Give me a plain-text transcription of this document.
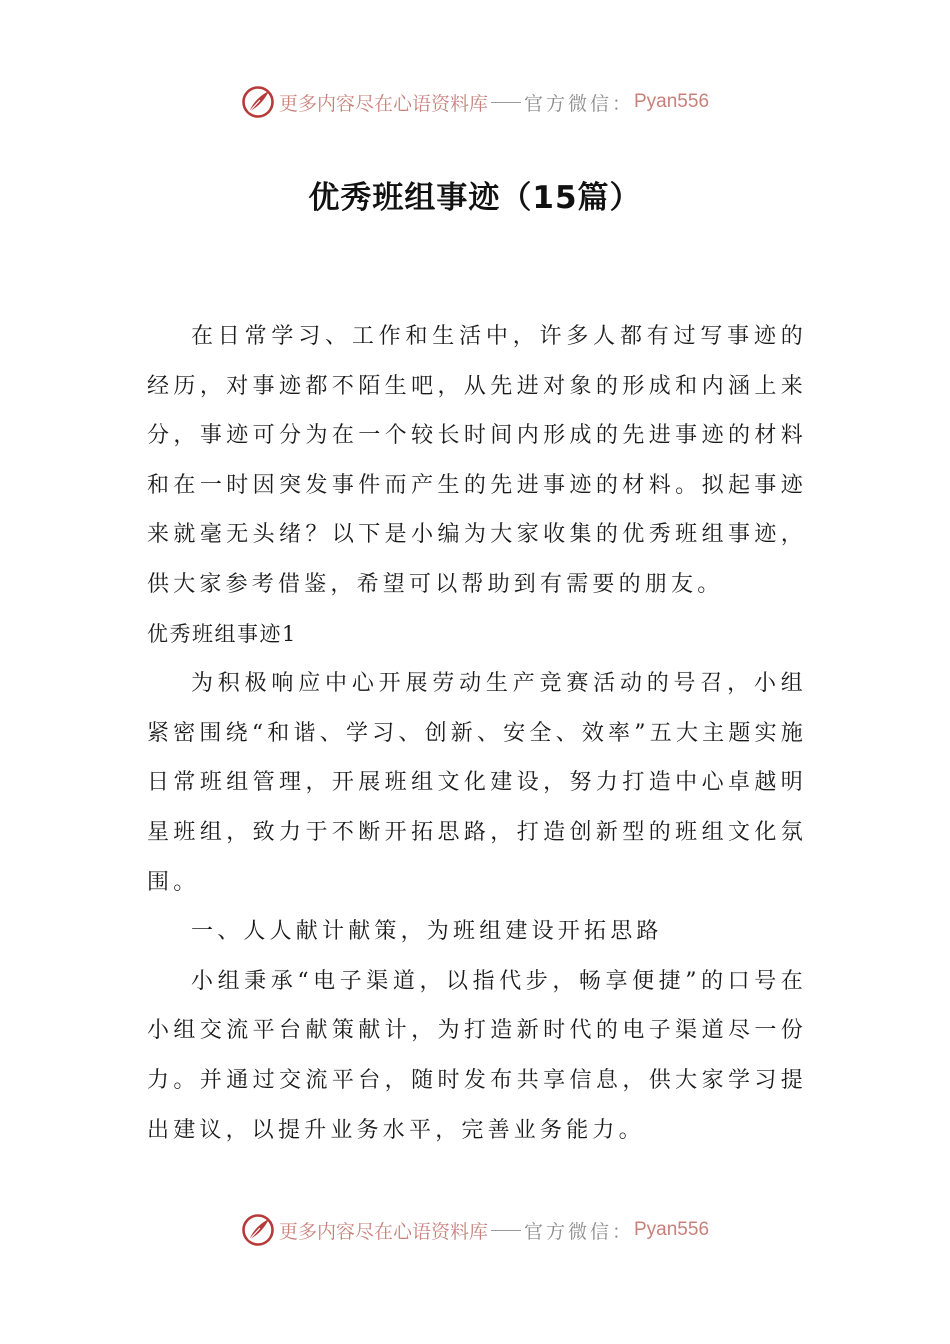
更多内容尽在心语资料库 官方微信： Pyan556
优秀班组事迹（15篇）

在日常学习、工作和生活中，许多人都有过写事迹的经历，对事迹都不陌生吧，从先进对象的形成和内涵上来分，事迹可分为在一个较长时间内形成的先进事迹的材料和在一时因突发事件而产生的先进事迹的材料。拟起事迹来就毫无头绪？以下是小编为大家收集的优秀班组事迹，供大家参考借鉴，希望可以帮助到有需要的朋友。

优秀班组事迹1

为积极响应中心开展劳动生产竞赛活动的号召，小组紧密围绕“和谐、学习、创新、安全、效率”五大主题实施日常班组管理，开展班组文化建设，努力打造中心卓越明星班组，致力于不断开拓思路，打造创新型的班组文化氛围。

一、人人献计献策，为班组建设开拓思路

小组秉承“电子渠道，以指代步，畅享便捷”的口号在小组交流平台献策献计，为打造新时代的电子渠道尽一份力。并通过交流平台，随时发布共享信息，供大家学习提出建议，以提升业务水平，完善业务能力。

更多内容尽在心语资料库 官方微信： Pyan556
